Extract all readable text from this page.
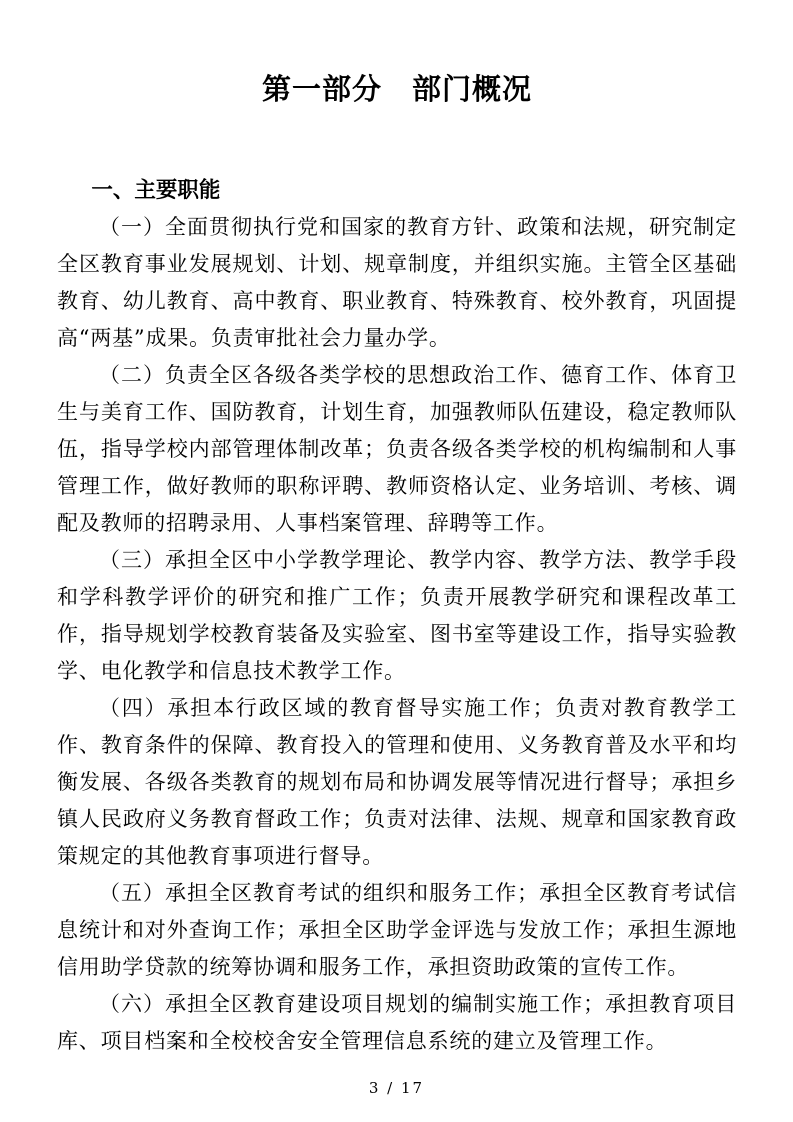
第一部分　部门概况
一、主要职能

（一）全面贯彻执行党和国家的教育方针、政策和法规，研究制定全区教育事业发展规划、计划、规章制度，并组织实施。主管全区基础教育、幼儿教育、高中教育、职业教育、特殊教育、校外教育，巩固提高“两基”成果。负责审批社会力量办学。

（二）负责全区各级各类学校的思想政治工作、德育工作、体育卫生与美育工作、国防教育，计划生育，加强教师队伍建设，稳定教师队伍，指导学校内部管理体制改革；负责各级各类学校的机构编制和人事管理工作，做好教师的职称评聘、教师资格认定、业务培训、考核、调配及教师的招聘录用、人事档案管理、辞聘等工作。

（三）承担全区中小学教学理论、教学内容、教学方法、教学手段和学科教学评价的研究和推广工作；负责开展教学研究和课程改革工作，指导规划学校教育装备及实验室、图书室等建设工作，指导实验教学、电化教学和信息技术教学工作。

（四）承担本行政区域的教育督导实施工作；负责对教育教学工作、教育条件的保障、教育投入的管理和使用、义务教育普及水平和均衡发展、各级各类教育的规划布局和协调发展等情况进行督导；承担乡镇人民政府义务教育督政工作；负责对法律、法规、规章和国家教育政策规定的其他教育事项进行督导。

（五）承担全区教育考试的组织和服务工作；承担全区教育考试信息统计和对外查询工作；承担全区助学金评选与发放工作；承担生源地信用助学贷款的统筹协调和服务工作，承担资助政策的宣传工作。

（六）承担全区教育建设项目规划的编制实施工作；承担教育项目库、项目档案和全校校舍安全管理信息系统的建立及管理工作。

3 / 17
